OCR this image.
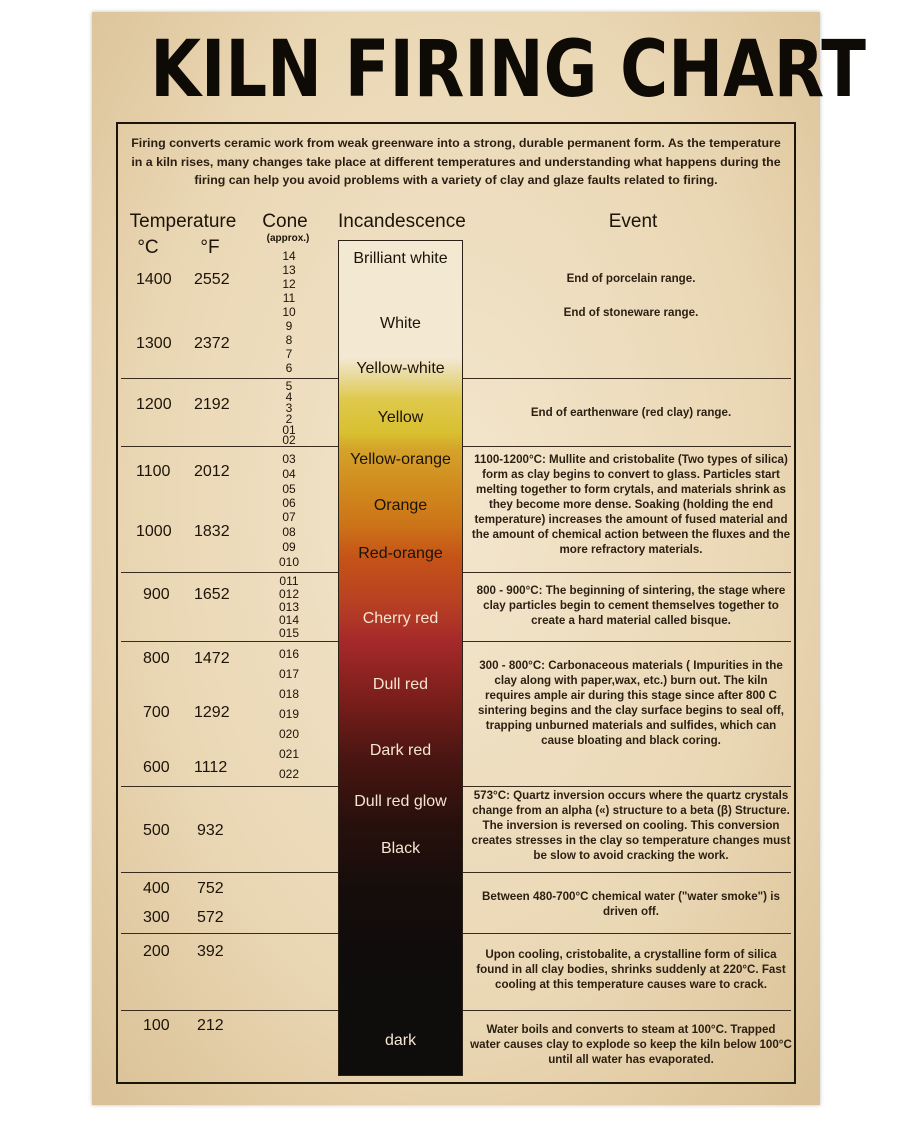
KILN FIRING CHART
Firing converts ceramic work from weak greenware into a strong, durable permanent form. As the temperature in a kiln rises, many changes take place at different temperatures and understanding what happens during the firing can help you avoid problems with a variety of clay and glaze faults related to firing.
Temperature
°C °F
Cone
(approx.)
Incandescence	Event
1400 2552
1300 2372
1200 2192
1100 2012
1000 1832
900 1652
800 1472
700 1292
600 1112
500 932
400 752
300 572
200 392
100 212
14
13
12
11
10
9
8
7
6
5
4
3
2
01
02
03
04
05
06
07
08
09
010
011
012
013
014
015
016
017
018
019
020
021
022
Brilliant white
White
Yellow-white
Yellow
Yellow-orange
Orange
Red-orange
Cherry red
Dull red
Dark red
Dull red glow
Black
dark
End of porcelain range.
End of stoneware range.
End of earthenware (red clay) range.
1100-1200°C: Mullite and cristobalite (Two types of silica) form as clay begins to convert to glass. Particles start melting together to form crytals, and materials shrink as they become more dense. Soaking (holding the end temperature) increases the amount of fused material and the amount of chemical action between the fluxes and the more refractory materials.
800 - 900°C: The beginning of sintering, the stage where clay particles begin to cement themselves together to create a hard material called bisque.
300 - 800°C: Carbonaceous materials ( Impurities in the clay along with paper,wax, etc.) burn out. The kiln requires ample air during this stage since after 800 C sintering begins and the clay surface begins to seal off, trapping unburned materials and sulfides, which can cause bloating and black coring.
573°C: Quartz inversion occurs where the quartz crystals change from an alpha («) structure to a beta (β) Structure. The inversion is reversed on cooling. This conversion creates stresses in the clay so temperature changes must be slow to avoid cracking the work.
Between 480-700°C chemical water ("water smoke") is driven off.
Upon cooling, cristobalite, a crystalline form of silica found in all clay bodies, shrinks suddenly at 220°C. Fast cooling at this temperature causes ware to crack.
Water boils and converts to steam at 100°C. Trapped water causes clay to explode so keep the kiln below 100°C until all water has evaporated.
